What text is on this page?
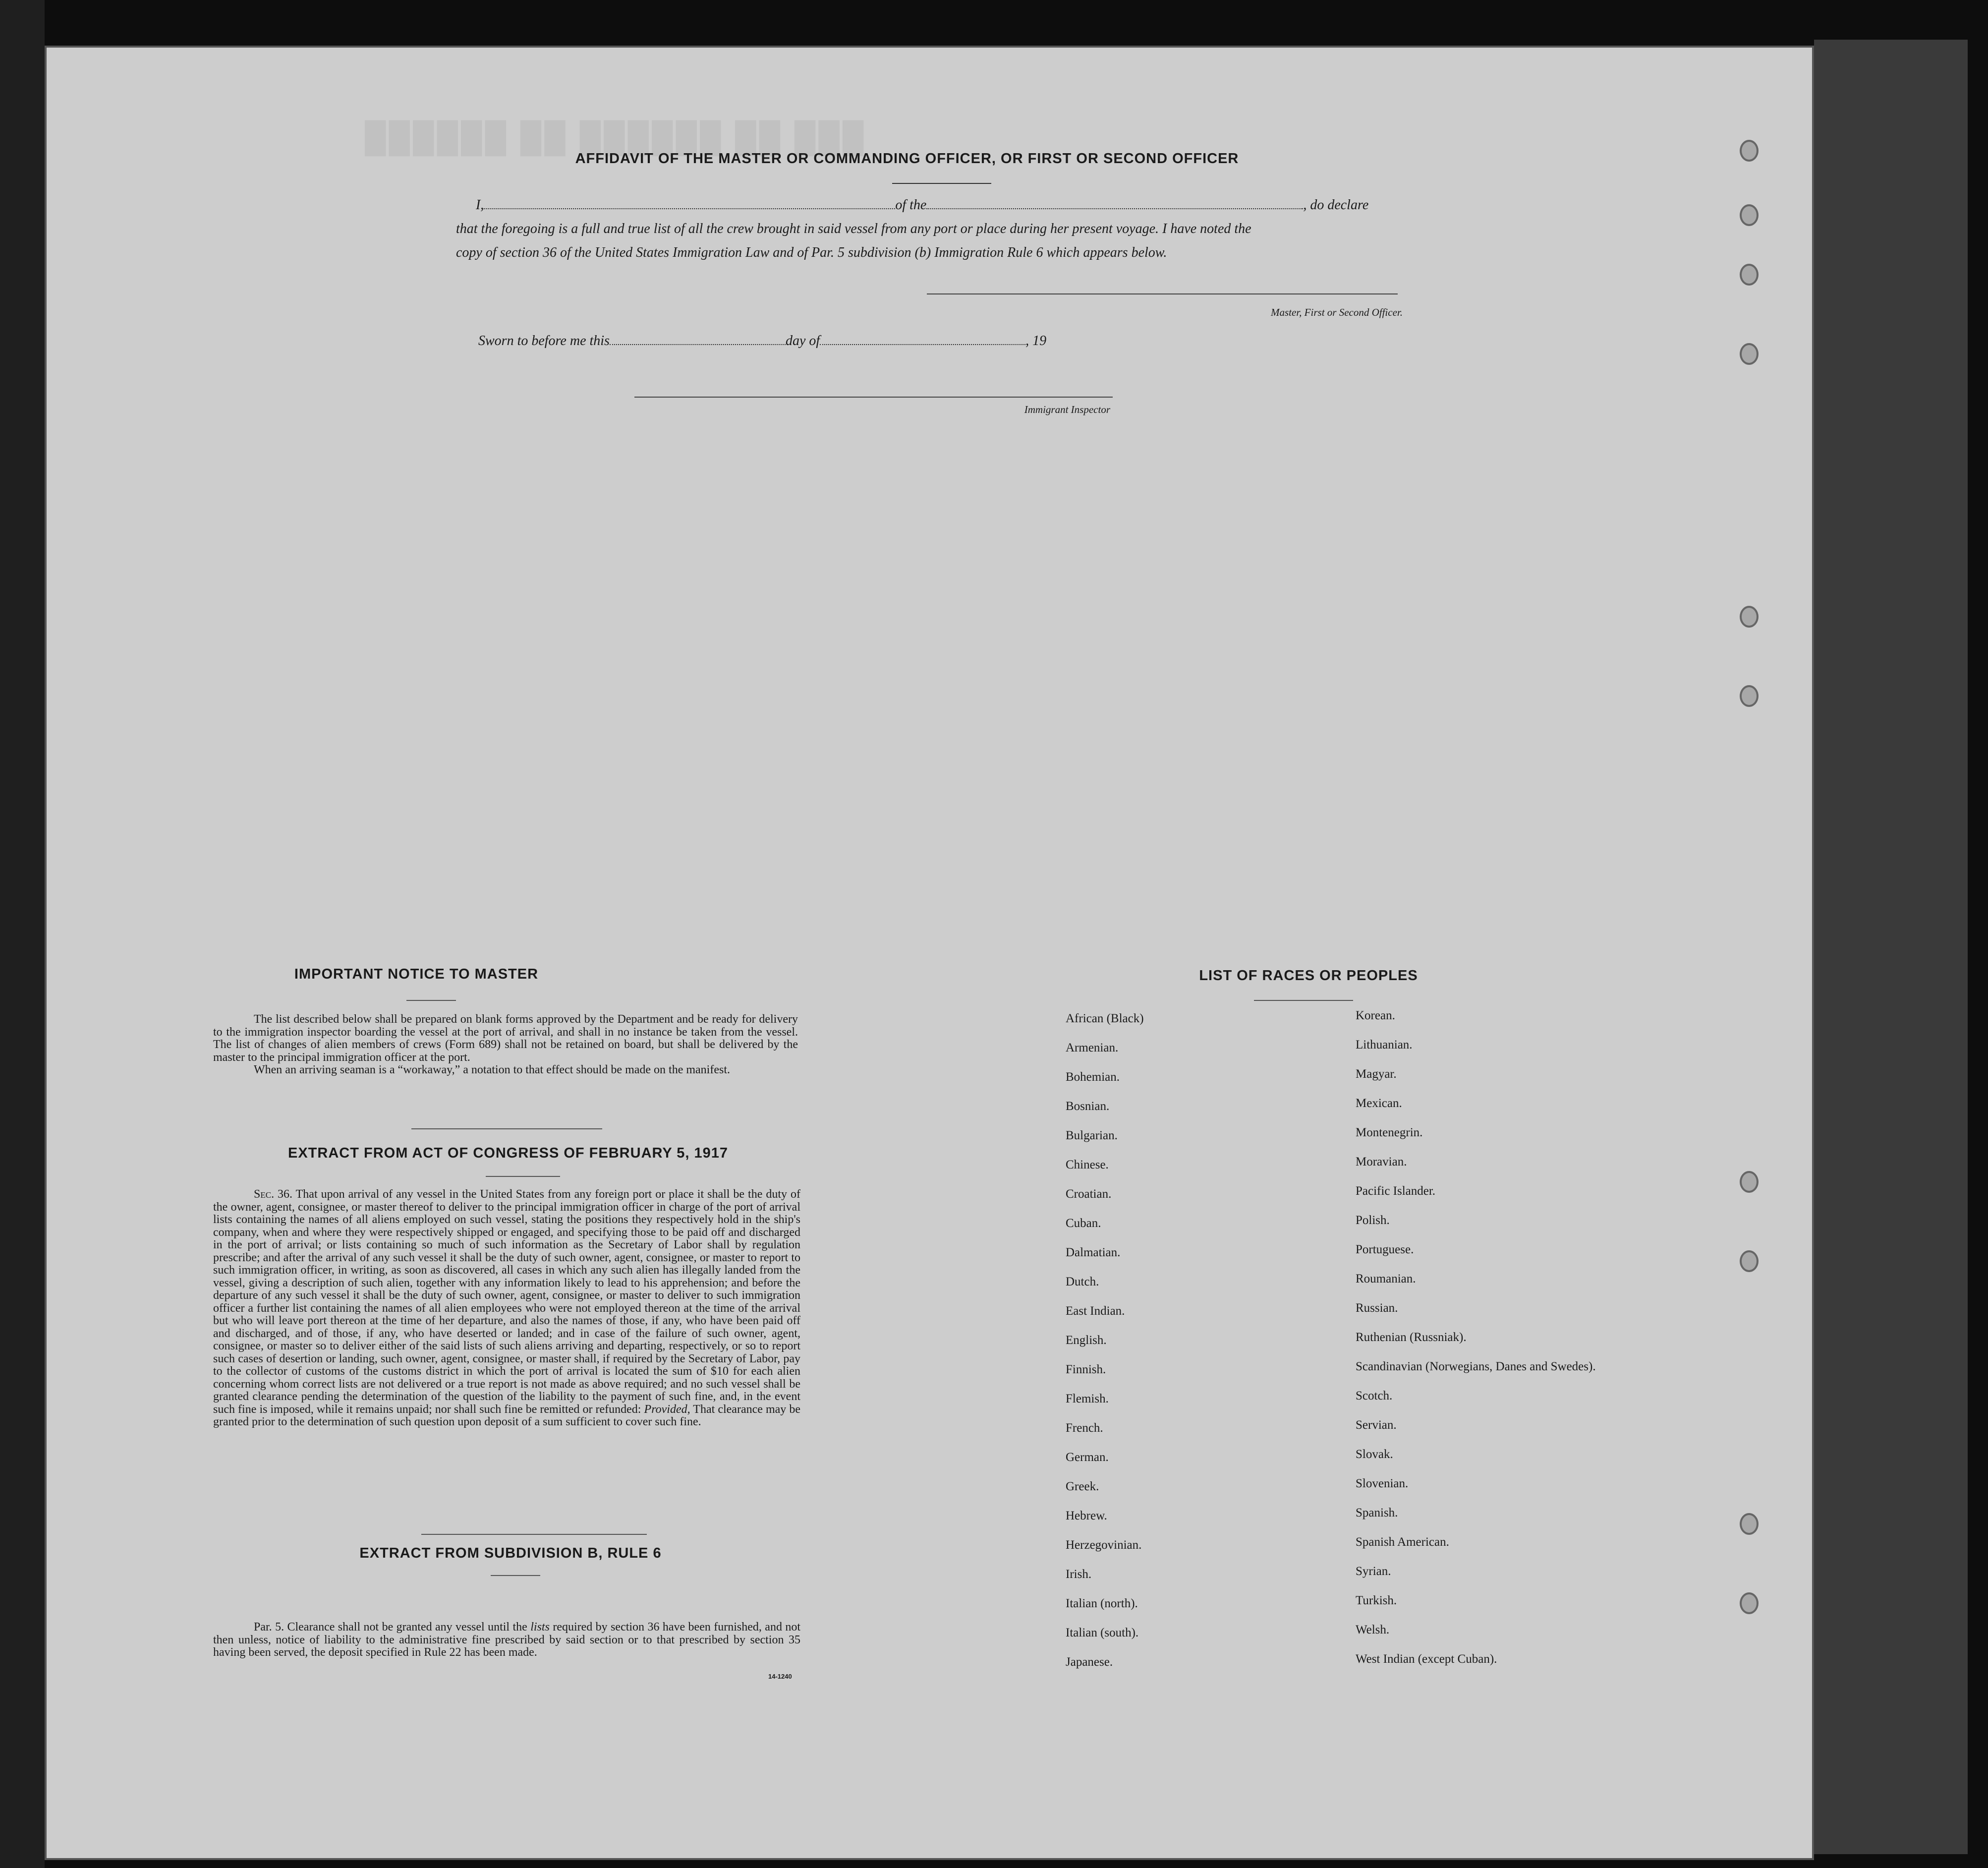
███ ██ ██████ ██ ██████
AFFIDAVIT OF THE MASTER OR COMMANDING OFFICER, OR FIRST OR SECOND OFFICER
I,	of the	, do declare
that the foregoing is a full and true list of all the crew brought in said vessel from any port or place during her present voyage. I have noted the
copy of section 36 of the United States Immigration Law and of Par. 5 subdivision (b) Immigration Rule 6 which appears below.
Master, First or Second Officer.
Sworn to before me this	day of	, 19
Immigrant Inspector
IMPORTANT NOTICE TO MASTER
The list described below shall be prepared on blank forms approved by the Department and be ready for delivery to the immigration inspector boarding the vessel at the port of arrival, and shall in no instance be taken from the vessel. The list of changes of alien members of crews (Form 689) shall not be retained on board, but shall be delivered by the master to the principal immigration officer at the port.
When an arriving seaman is a “workaway,” a notation to that effect should be made on the manifest.
EXTRACT FROM ACT OF CONGRESS OF FEBRUARY 5, 1917
Sec. 36. That upon arrival of any vessel in the United States from any foreign port or place it shall be the duty of the owner, agent, consignee, or master thereof to deliver to the principal immigration officer in charge of the port of arrival lists containing the names of all aliens employed on such vessel, stating the positions they respectively hold in the ship's company, when and where they were respectively shipped or engaged, and specifying those to be paid off and discharged in the port of arrival; or lists containing so much of such information as the Secretary of Labor shall by regulation prescribe; and after the arrival of any such vessel it shall be the duty of such owner, agent, consignee, or master to report to such immigration officer, in writing, as soon as discovered, all cases in which any such alien has illegally landed from the vessel, giving a description of such alien, together with any information likely to lead to his apprehension; and before the departure of any such vessel it shall be the duty of such owner, agent, consignee, or master to deliver to such immigration officer a further list containing the names of all alien employees who were not employed thereon at the time of the arrival but who will leave port thereon at the time of her departure, and also the names of those, if any, who have been paid off and discharged, and of those, if any, who have deserted or landed; and in case of the failure of such owner, agent, consignee, or master so to deliver either of the said lists of such aliens arriving and departing, respectively, or so to report such cases of desertion or landing, such owner, agent, consignee, or master shall, if required by the Secretary of Labor, pay to the collector of customs of the customs district in which the port of arrival is located the sum of $10 for each alien concerning whom correct lists are not delivered or a true report is not made as above required; and no such vessel shall be granted clearance pending the determination of the question of the liability to the payment of such fine, and, in the event such fine is imposed, while it remains unpaid; nor shall such fine be remitted or refunded: Provided, That clearance may be granted prior to the determination of such question upon deposit of a sum sufficient to cover such fine.
EXTRACT FROM SUBDIVISION B, RULE 6
Par. 5. Clearance shall not be granted any vessel until the lists required by section 36 have been furnished, and not then unless, notice of liability to the administrative fine prescribed by said section or to that prescribed by section 35 having been served, the deposit specified in Rule 22 has been made.
14-1240
LIST OF RACES OR PEOPLES
African (Black)
Armenian.
Bohemian.
Bosnian.
Bulgarian.
Chinese.
Croatian.
Cuban.
Dalmatian.
Dutch.
East Indian.
English.
Finnish.
Flemish.
French.
German.
Greek.
Hebrew.
Herzegovinian.
Irish.
Italian (north).
Italian (south).
Japanese.
Korean.
Lithuanian.
Magyar.
Mexican.
Montenegrin.
Moravian.
Pacific Islander.
Polish.
Portuguese.
Roumanian.
Russian.
Ruthenian (Russniak).
Scandinavian (Norwegians, Danes and Swedes).
Scotch.
Servian.
Slovak.
Slovenian.
Spanish.
Spanish American.
Syrian.
Turkish.
Welsh.
West Indian (except Cuban).
